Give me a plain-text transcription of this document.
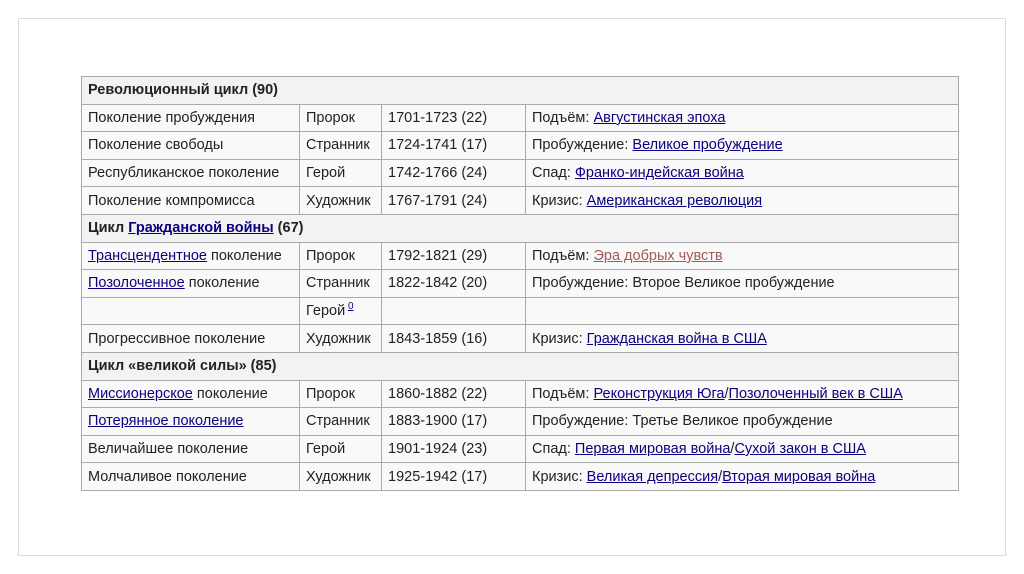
Революционный цикл (90)			
Поколение пробуждения	Пророк	1701-1723 (22)	Подъём: Августинская эпоха
Поколение свободы	Странник	1724-1741 (17)	Пробуждение: Великое пробуждение
Республиканское поколение	Герой	1742-1766 (24)	Спад: Франко-индейская война
Поколение компромисса	Художник	1767-1791 (24)	Кризис: Американская революция
Цикл Гражданской войны (67)			
Трансцендентное поколение	Пророк	1792-1821 (29)	Подъём: Эра добрых чувств
Позолоченное поколение	Странник	1822-1842 (20)	Пробуждение: Второе Великое пробуждение
	Герой $^0$		
Прогрессивное поколение	Художник	1843-1859 (16)	Кризис: Гражданская война в США
Цикл «великой силы» (85)			
Миссионерское поколение	Пророк	1860-1882 (22)	Подъём: Реконструкция Юга/Позолоченный век в США
Потерянное поколение	Странник	1883-1900 (17)	Пробуждение: Третье Великое пробуждение
Величайшее поколение	Герой	1901-1924 (23)	Спад: Первая мировая война/Сухой закон в США
Молчаливое поколение	Художник	1925-1942 (17)	Кризис: Великая депрессия/Вторая мировая война
